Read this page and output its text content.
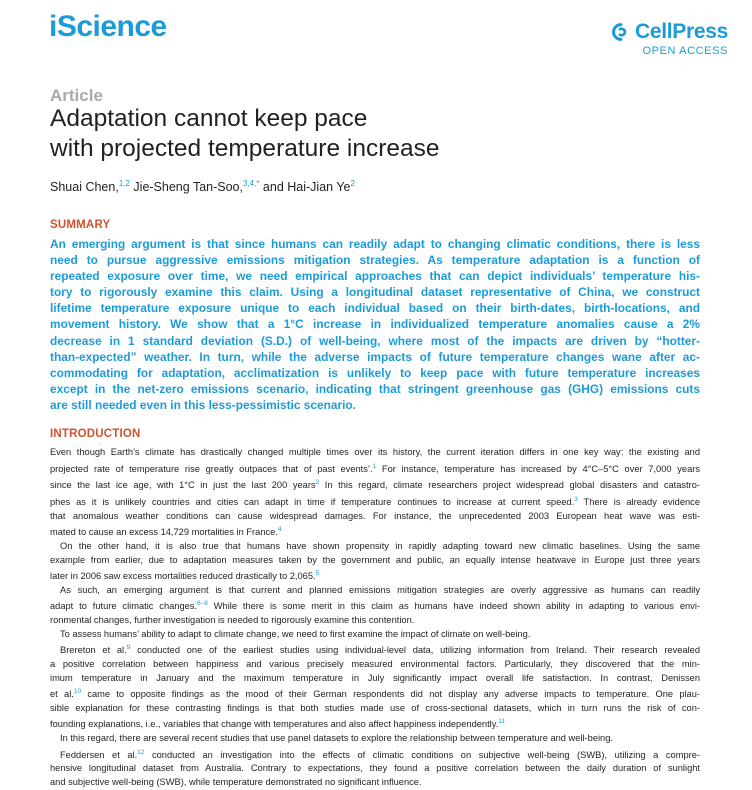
iScience	CellPress
OPEN ACCESS
Article
Adaptation cannot keep pace
with projected temperature increase
Shuai Chen,$^{1,2}$ Jie-Sheng Tan-Soo,$^{3,4,*}$ and Hai-Jian Ye$^2$
SUMMARY
An emerging argument is that since humans can readily adapt to changing climatic conditions, there is less
need to pursue aggressive emissions mitigation strategies. As temperature adaptation is a function of
repeated exposure over time, we need empirical approaches that can depict individuals’ temperature his-
tory to rigorously examine this claim. Using a longitudinal dataset representative of China, we construct
lifetime temperature exposure unique to each individual based on their birth-dates, birth-locations, and
movement history. We show that a 1°C increase in individualized temperature anomalies cause a 2%
decrease in 1 standard deviation (S.D.) of well-being, where most of the impacts are driven by “hotter-
than-expected” weather. In turn, while the adverse impacts of future temperature changes wane after ac-
commodating for adaptation, acclimatization is unlikely to keep pace with future temperature increases
except in the net-zero emissions scenario, indicating that stringent greenhouse gas (GHG) emissions cuts
are still needed even in this less-pessimistic scenario.
INTRODUCTION
Even though Earth’s climate has drastically changed multiple times over its history, the current iteration differs in one key way: the existing and
projected rate of temperature rise greatly outpaces that of past events’.$^1$ For instance, temperature has increased by 4°C–5°C over 7,000 years
since the last ice age, with 1°C in just the last 200 years$^2$ In this regard, climate researchers project widespread global disasters and catastro-
phes as it is unlikely countries and cities can adapt in time if temperature continues to increase at current speed.$^3$ There is already evidence
that anomalous weather conditions can cause widespread damages. For instance, the unprecedented 2003 European heat wave was esti-
mated to cause an excess 14,729 mortalities in France.$^4$
On the other hand, it is also true that humans have shown propensity in rapidly adapting toward new climatic baselines. Using the same
example from earlier, due to adaptation measures taken by the government and public, an equally intense heatwave in Europe just three years
later in 2006 saw excess mortalities reduced drastically to 2,065.$^5$
As such, an emerging argument is that current and planned emissions mitigation strategies are overly aggressive as humans can readily
adapt to future climatic changes.$^{6-8}$ While there is some merit in this claim as humans have indeed shown ability in adapting to various envi-
ronmental changes, further investigation is needed to rigorously examine this contention.
To assess humans’ ability to adapt to climate change, we need to first examine the impact of climate on well-being.
Brereton et al.$^9$ conducted one of the earliest studies using individual-level data, utilizing information from Ireland. Their research revealed
a positive correlation between happiness and various precisely measured environmental factors. Particularly, they discovered that the min-
imum temperature in January and the maximum temperature in July significantly impact overall life satisfaction. In contrast, Denissen
et al.$^{10}$ came to opposite findings as the mood of their German respondents did not display any adverse impacts to temperature. One plau-
sible explanation for these contrasting findings is that both studies made use of cross-sectional datasets, which in turn runs the risk of con-
founding explanations, i.e., variables that change with temperatures and also affect happiness independently.$^{11}$
In this regard, there are several recent studies that use panel datasets to explore the relationship between temperature and well-being.
Feddersen et al.$^{12}$ conducted an investigation into the effects of climatic conditions on subjective well-being (SWB), utilizing a compre-
hensive longitudinal dataset from Australia. Contrary to expectations, they found a positive correlation between the daily duration of sunlight
and subjective well-being (SWB), while temperature demonstrated no significant influence.
